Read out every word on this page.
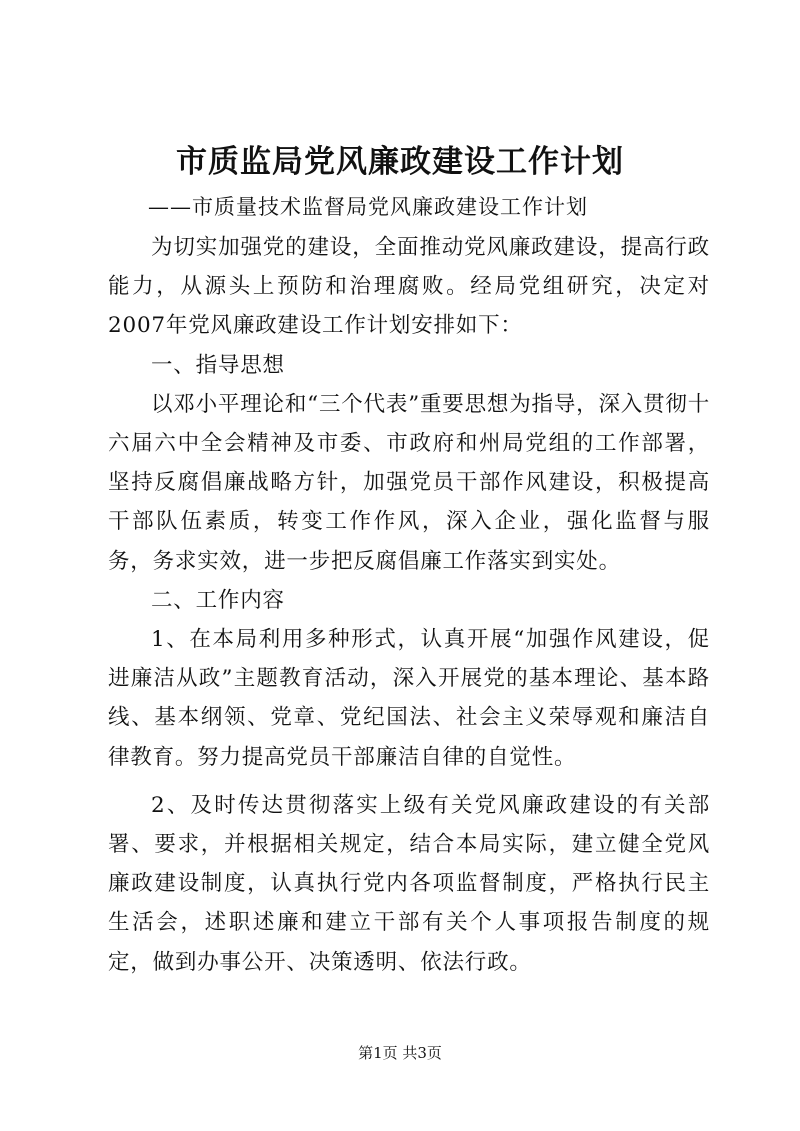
市质监局党风廉政建设工作计划
——市质量技术监督局党风廉政建设工作计划

为切实加强党的建设，全面推动党风廉政建设，提高行政能力，从源头上预防和治理腐败。经局党组研究，决定对2007年党风廉政建设工作计划安排如下：

一、指导思想

以邓小平理论和“三个代表”重要思想为指导，深入贯彻十六届六中全会精神及市委、市政府和州局党组的工作部署，坚持反腐倡廉战略方针，加强党员干部作风建设，积极提高干部队伍素质，转变工作作风，深入企业，强化监督与服务，务求实效，进一步把反腐倡廉工作落实到实处。

二、工作内容

1、在本局利用多种形式，认真开展“加强作风建设，促进廉洁从政”主题教育活动，深入开展党的基本理论、基本路线、基本纲领、党章、党纪国法、社会主义荣辱观和廉洁自律教育。努力提高党员干部廉洁自律的自觉性。

2、及时传达贯彻落实上级有关党风廉政建设的有关部署、要求，并根据相关规定，结合本局实际，建立健全党风廉政建设制度，认真执行党内各项监督制度，严格执行民主生活会，述职述廉和建立干部有关个人事项报告制度的规定，做到办事公开、决策透明、依法行政。

第1页 共3页
